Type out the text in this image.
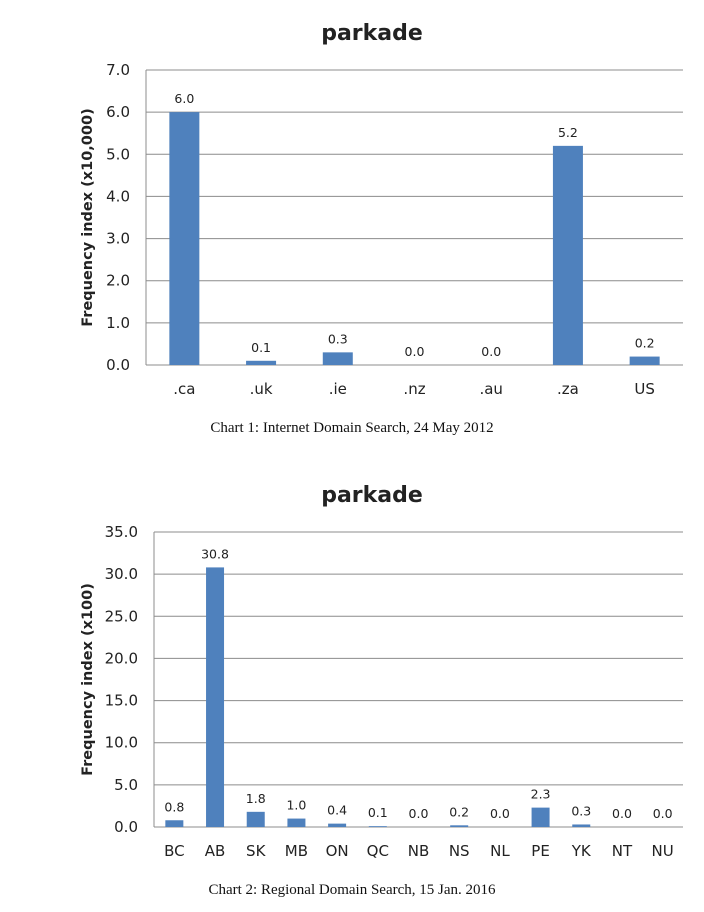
parkade
Frequency index (x10,000)
0.0
1.0
2.0
3.0
4.0
5.0
6.0
7.0
6.0
.ca
0.1
.uk
0.3
.ie
0.0
.nz
0.0
.au
5.2
.za
0.2
US
Chart 1: Internet Domain Search, 24 May 2012
parkade
Frequency index (x100)
0.0
5.0
10.0
15.0
20.0
25.0
30.0
35.0
0.8
BC
30.8
AB
1.8
SK
1.0
MB
0.4
ON
0.1
QC
0.0
NB
0.2
NS
0.0
NL
2.3
PE
0.3
YK
0.0
NT
0.0
NU
Chart 2: Regional Domain Search, 15 Jan. 2016
